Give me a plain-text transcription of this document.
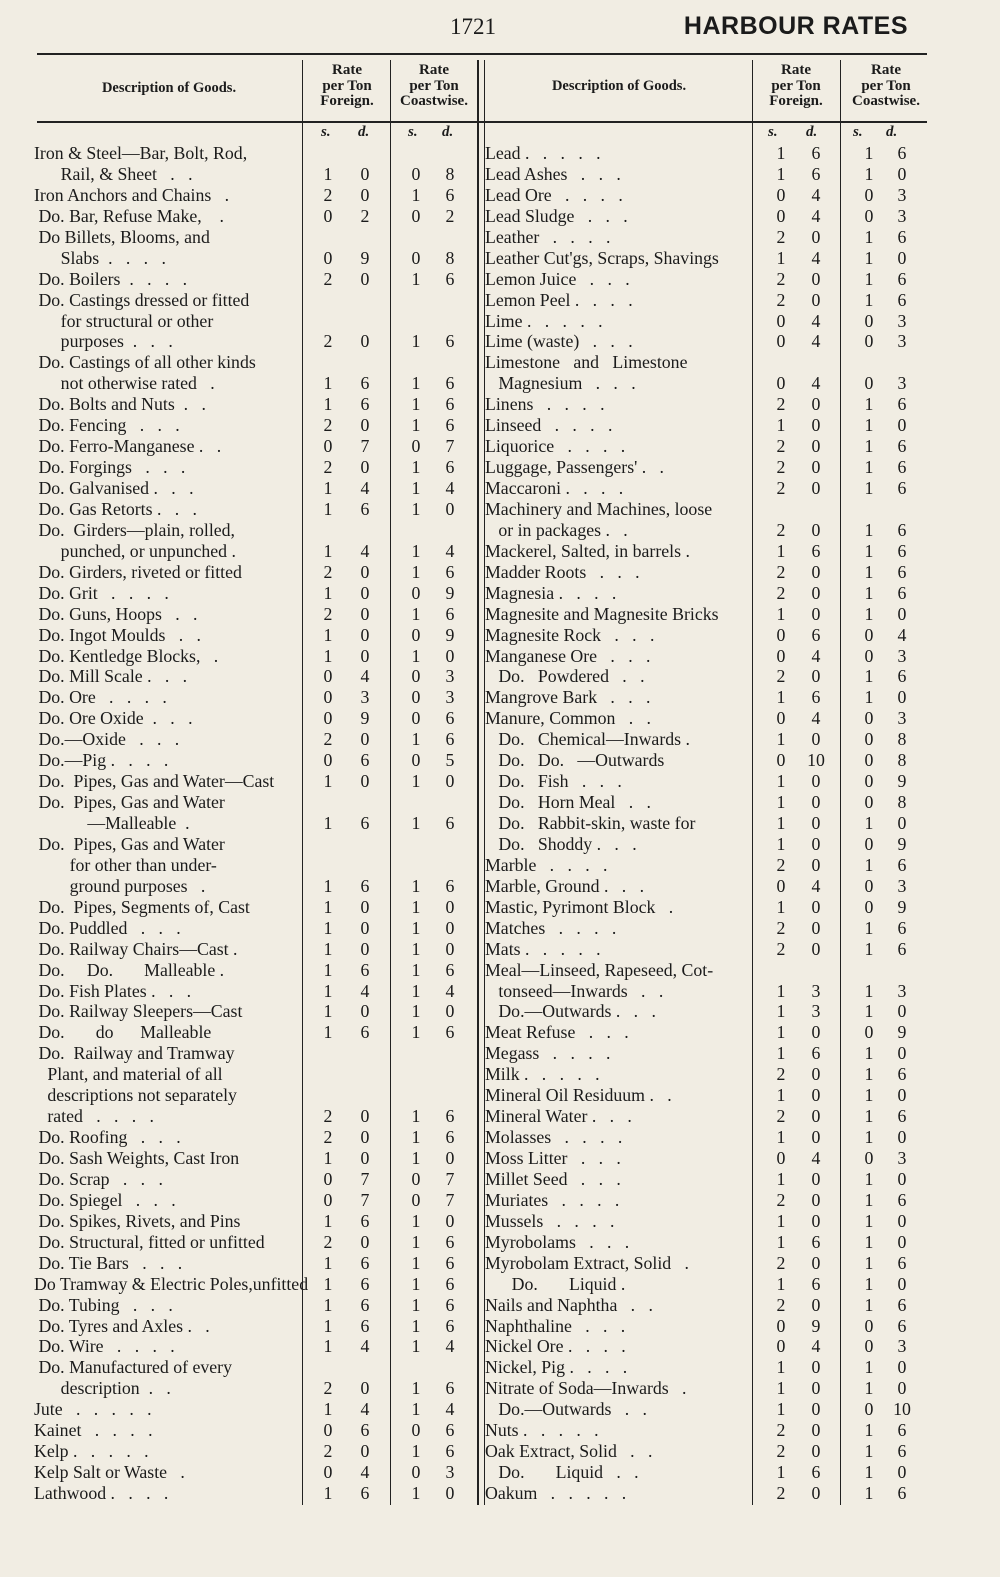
1721	HARBOUR RATES
Description of Goods.
Rate
per Ton
Foreign.
Rate
per Ton
Coastwise.
Description of Goods.
Rate
per Ton
Foreign.
Rate
per Ton
Coastwise.
s. d.	s. d.	s. d. s. d.
Iron & Steel—Bar, Bolt, Rod,
Rail, & Sheet   .   .	1 0 0 8
Iron Anchors and Chains   .	2 0 1 6
Do. Bar, Refuse Make,    .	0 2 0 2
Do Billets, Blooms, and
Slabs  .   .   .   .	0 9 0 8
Do. Boilers  .   .   .   .	2 0 1 6
Do. Castings dressed or fitted
for structural or other
purposes  .   .   .	2 0 1 6
Do. Castings of all other kinds
not otherwise rated   .	1 6 1 6
Do. Bolts and Nuts  .   .	1 6 1 6
Do. Fencing   .   .   .	2 0 1 6
Do. Ferro-Manganese .   .	0 7 0 7
Do. Forgings   .   .   .	2 0 1 6
Do. Galvanised .   .   .	1 4 1 4
Do. Gas Retorts .   .   .	1 6 1 0
Do.  Girders—plain, rolled,
punched, or unpunched .	1 4 1 4
Do. Girders, riveted or fitted	2 0 1 6
Do. Grit   .   .   .   .	1 0 0 9
Do. Guns, Hoops   .   .	2 0 1 6
Do. Ingot Moulds   .   .	1 0 0 9
Do. Kentledge Blocks,   .	1 0 1 0
Do. Mill Scale .   .   .	0 4 0 3
Do. Ore   .   .   .   .	0 3 0 3
Do. Ore Oxide  .   .   .	0 9 0 6
Do.—Oxide   .   .   .	2 0 1 6
Do.—Pig .   .   .   .	0 6 0 5
Do.  Pipes, Gas and Water—Cast	1 0 1 0
Do.  Pipes, Gas and Water
—Malleable  .	1 6 1 6
Do.  Pipes, Gas and Water
for other than under-
ground purposes   .	1 6 1 6
Do.  Pipes, Segments of, Cast	1 0 1 0
Do. Puddled   .   .   .	1 0 1 0
Do. Railway Chairs—Cast .	1 0 1 0
Do.     Do.       Malleable .	1 6 1 6
Do. Fish Plates .   .   .	1 4 1 4
Do. Railway Sleepers—Cast	1 0 1 0
Do.       do      Malleable	1 6 1 6
Do.  Railway and Tramway
Plant, and material of all
descriptions not separately
rated   .   .   .   .	2 0 1 6
Do. Roofing   .   .   .	2 0 1 6
Do. Sash Weights, Cast Iron	1 0 1 0
Do. Scrap   .   .   .	0 7 0 7
Do. Spiegel   .   .   .	0 7 0 7
Do. Spikes, Rivets, and Pins	1 6 1 0
Do. Structural, fitted or unfitted	2 0 1 6
Do. Tie Bars   .   .   .	1 6 1 6
Do Tramway & Electric Poles,unfitted 1 6 1 6
Do. Tubing   .   .   .	1 6 1 6
Do. Tyres and Axles .   .	1 6 1 6
Do. Wire   .   .   .   .	1 4 1 4
Do. Manufactured of every
description  .   .	2 0 1 6
Jute   .   .   .   .   .	1 4 1 4
Kainet   .   .   .   .	0 6 0 6
Kelp .   .   .   .   .	2 0 1 6
Kelp Salt or Waste   .	0 4 0 3
Lathwood .   .   .   .	1 6 1 0
Lead .   .   .   .   .	1 6 1 6
Lead Ashes   .   .   .	1 6 1 0
Lead Ore   .   .   .   .	0 4 0 3
Lead Sludge   .   .   .	0 4 0 3
Leather   .   .   .   .	2 0 1 6
Leather Cut'gs, Scraps, Shavings	1 4 1 0
Lemon Juice   .   .   .	2 0 1 6
Lemon Peel .   .   .   .	2 0 1 6
Lime .   .   .   .   .	0 4 0 3
Lime (waste)   .   .   .	0 4 0 3
Limestone   and   Limestone
Magnesium   .   .   .	0 4 0 3
Linens   .   .   .   .	2 0 1 6
Linseed   .   .   .   .	1 0 1 0
Liquorice   .   .   .   .	2 0 1 6
Luggage, Passengers' .   .	2 0 1 6
Maccaroni .   .   .   .	2 0 1 6
Machinery and Machines, loose
or in packages .   .	2 0 1 6
Mackerel, Salted, in barrels .	1 6 1 6
Madder Roots   .   .   .	2 0 1 6
Magnesia .   .   .   .	2 0 1 6
Magnesite and Magnesite Bricks	1 0 1 0
Magnesite Rock   .   .   .	0 6 0 4
Manganese Ore   .   .   .	0 4 0 3
Do.   Powdered   .   .	2 0 1 6
Mangrove Bark   .   .   .	1 6 1 0
Manure, Common   .   .	0 4 0 3
Do.   Chemical—Inwards .	1 0 0 8
Do.   Do.   —Outwards	0 10 0 8
Do.   Fish   .   .   .	1 0 0 9
Do.   Horn Meal   .   .	1 0 0 8
Do.   Rabbit-skin, waste for	1 0 1 0
Do.   Shoddy .   .   .	1 0 0 9
Marble   .   .   .   .	2 0 1 6
Marble, Ground .   .   .	0 4 0 3
Mastic, Pyrimont Block   .	1 0 0 9
Matches   .   .   .   .	2 0 1 6
Mats .   .   .   .   .	2 0 1 6
Meal—Linseed, Rapeseed, Cot-
tonseed—Inwards   .   .	1 3 1 3
Do.—Outwards .   .   .	1 3 1 0
Meat Refuse   .   .   .	1 0 0 9
Megass   .   .   .   .	1 6 1 0
Milk .   .   .   .   .	2 0 1 6
Mineral Oil Residuum .   .	1 0 1 0
Mineral Water .   .   .	2 0 1 6
Molasses   .   .   .   .	1 0 1 0
Moss Litter   .   .   .	0 4 0 3
Millet Seed   .   .   .	1 0 1 0
Muriates   .   .   .   .	2 0 1 6
Mussels   .   .   .   .	1 0 1 0
Myrobolams   .   .   .	1 6 1 0
Myrobolam Extract, Solid   .	2 0 1 6
Do.       Liquid .	1 6 1 0
Nails and Naphtha   .   .	2 0 1 6
Naphthaline   .   .   .	0 9 0 6
Nickel Ore .   .   .   .	0 4 0 3
Nickel, Pig .   .   .   .	1 0 1 0
Nitrate of Soda—Inwards   .	1 0 1 0
Do.—Outwards   .   .	1 0 0 10
Nuts .   .   .   .   .	2 0 1 6
Oak Extract, Solid   .   .	2 0 1 6
Do.       Liquid   .   .	1 6 1 0
Oakum   .   .   .   .   .	2 0 1 6
